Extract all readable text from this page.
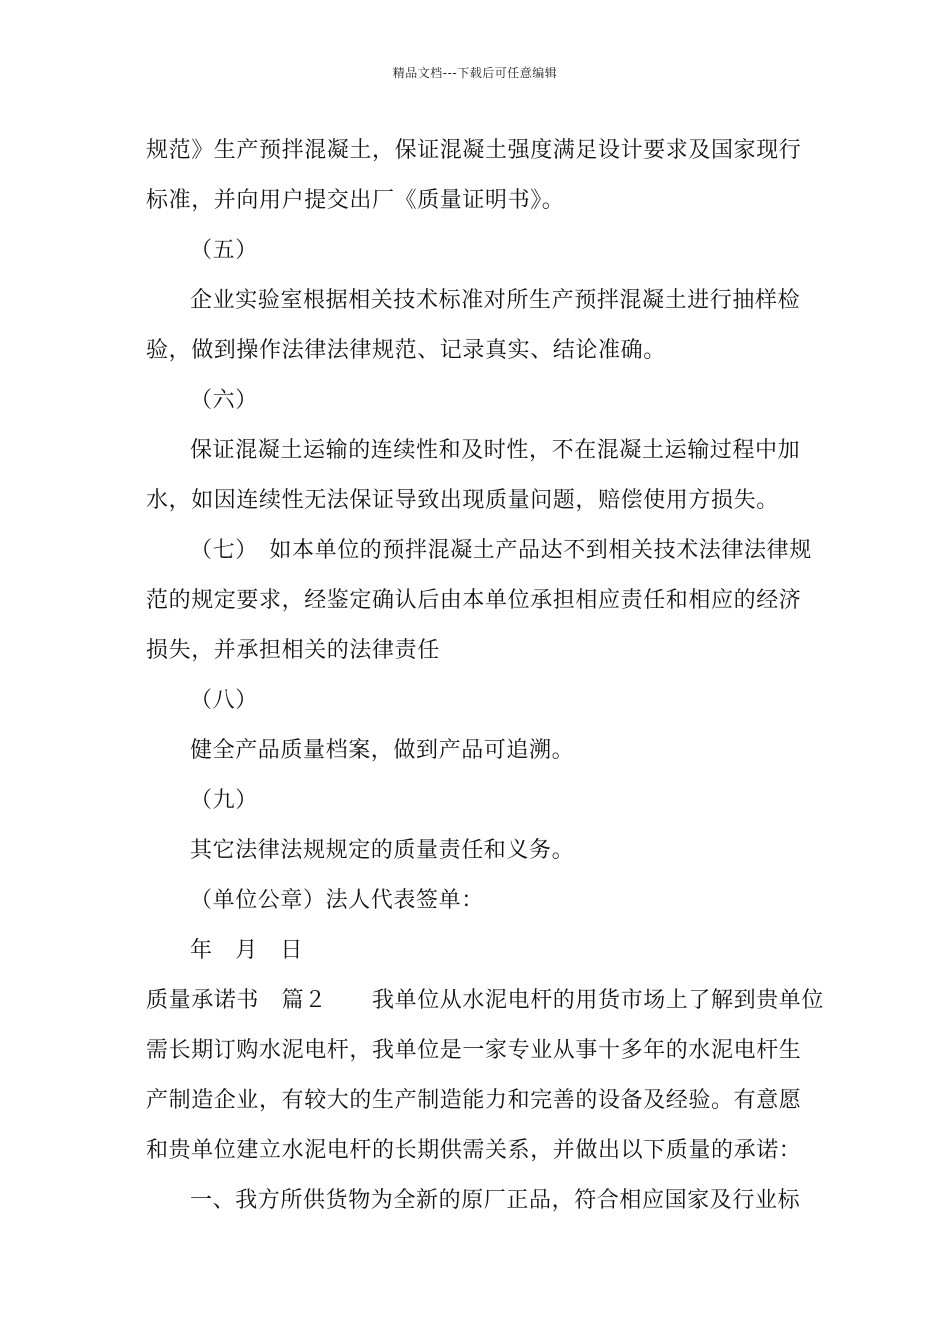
精品文档---下载后可任意编辑
规范》生产预拌混凝土，保证混凝土强度满足设计要求及国家现行
标准，并向用户提交出厂《质量证明书》。
（五）
企业实验室根据相关技术标准对所生产预拌混凝土进行抽样检
验，做到操作法律法律规范、记录真实、结论准确。
（六）
保证混凝土运输的连续性和及时性，不在混凝土运输过程中加
水，如因连续性无法保证导致出现质量问题，赔偿使用方损失。
（七）　如本单位的预拌混凝土产品达不到相关技术法律法律规
范的规定要求，经鉴定确认后由本单位承担相应责任和相应的经济
损失，并承担相关的法律责任
（八）
健全产品质量档案，做到产品可追溯。
（九）
其它法律法规规定的质量责任和义务。
（单位公章）法人代表签单：
年　月　日
质量承诺书　篇２　　我单位从水泥电杆的用货市场上了解到贵单位
需长期订购水泥电杆，我单位是一家专业从事十多年的水泥电杆生
产制造企业，有较大的生产制造能力和完善的设备及经验。有意愿
和贵单位建立水泥电杆的长期供需关系，并做出以下质量的承诺：
一、我方所供货物为全新的原厂正品，符合相应国家及行业标
